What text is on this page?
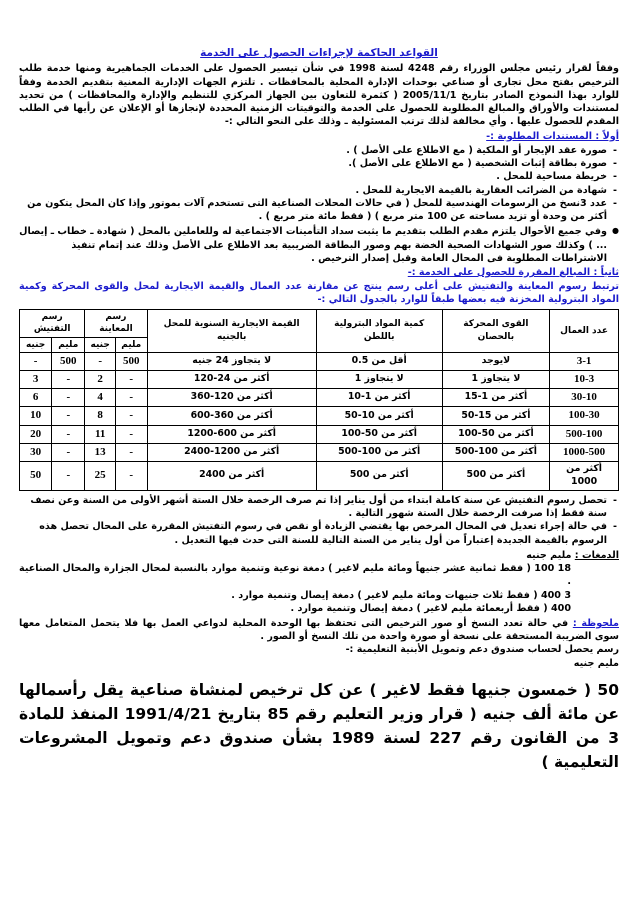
القواعد الحاكمة لإجراءات الحصول على الخدمة

وفقاً لقرار رئيس مجلس الوزراء رقم 4248 لسنة 1998 في شأن تيسير الحصول على الخدمات الجماهيرية ومنها خدمة طلب الترخيص بفتح محل تجارى أو صناعي بوحدات الإدارة المحلية بالمحافظات . تلتزم الجهات الإدارية المعنية بتقديم الخدمة وفقاً للوارد بهذا النموذج الصادر بتاريخ 2005/11/1 ( كثمرة للتعاون بين الجهاز المركزي للتنظيم والإدارة والمحافظات ) من تحديد لمستندات والأوراق والمبالغ المطلوبة للحصول على الخدمة والتوقيتات الزمنية المحددة لإنجازها أو الإعلان عن رأيها في الطلب المقدم للحصول عليها . وأي مخالفة لذلك ترتب المسئولية ـ وذلك على النحو التالي :-

أولاً : المستندات المطلوبة :-
- صورة عقد الإيجار أو الملكية ( مع الاطلاع على الأصل ) .
- صورة بطاقة إثبات الشخصية ( مع الاطلاع على الأصل ).
- خريطة مساحية للمحل .
- شهادة من الضرائب العقارية بالقيمة الايجارية للمحل .
- عدد 3نسخ من الرسومات الهندسية للمحل ( في حالات المحلات الصناعية التى تستخدم آلات بموتور وإذا كان المحل يتكون من أكثر من وحدة أو تزيد مساحته عن 100 متر مربع ) ( فقط مائة متر مربع ) .
● وفي جميع الأحوال يلتزم مقدم الطلب بتقديم ما يثبت سداد التأمينات الاجتماعية له وللعاملين بالمحل ( شهادة ـ خطاب ـ إيصال ... ) وكذلك صور الشهادات الصحية الخضة بهم وصور البطاقة الضريبية بعد الاطلاع على الأصل وذلك عند إتمام تنفيذ الاشتراطات المطلوبة فى المحال العامة وقبل إصدار الترخيص .
ثانياً : المبالغ المقررة للحصول على الخدمة :-

ترتبط رسوم المعاينة والتفتيش على أعلى رسم ينتج عن مقارنة عدد العمال والقيمة الايجارية لمحل والقوى المحركة وكمية المواد البترولية المخزنة فيه بعضها طبقاً للوارد بالجدول التالي :-

عدد العمال	القوى المحركة بالحصان	كمية المواد البترولية باللطن	القيمة الايجارية السنوية للمحل بالجنيه	رسم المعاينة		رسم التفتيش	
				مليم	جنيه	مليم	جنيه
3-1	لايوجد	أقل من 0.5	لا يتجاوز 24 جنيه	500	-	500	-
10-3	لا يتجاوز 1	لا يتجاوز 1	أكثر من 24-120	-	2	-	3
30-10	أكثر من 1-15	أكثر من 1-10	أكثر من 120-360	-	4	-	6
100-30	أكثر من 15-50	أكثر من 10-50	أكثر من 360-600	-	8	-	10
500-100	أكثر من 50-100	أكثر من 50-100	أكثر من 600-1200	-	11	-	20
1000-500	أكثر من 100-500	أكثر من 100-500	أكثر من 1200-2400	-	13	-	30
أكثر من 1000	أكثر من 500	أكثر من 500	أكثر من 2400	-	25	-	50
- تحصل رسوم التفتيش عن سنة كاملة ابتداء من أول يناير إذا تم صرف الرخصة خلال الستة أشهر الأولى من السنة وعن نصف سنة فقط إذا صرفت الرخصة خلال الستة شهور التالية .
- في حالة إجراء تعديل في المحال المرخص بها يقتضي الزيادة أو نقص في رسوم التفتيش المقررة على المحال تحصل هذه الرسوم بالقيمة الجديدة إعتباراً من أول يناير من السنة التالية للسنة التى حدث فيها التعديل .

الدمغات : مليم جنيه

18 100 ( فقط ثمانية عشر جنيهاً ومائة مليم لاغير ) دمغة نوعية وتنمية موارد بالنسبة لمحال الجزارة والمحال الصناعية .

3 400 ( فقط ثلاث جنيهات ومائة مليم لاغير ) دمغة إيصال وتنمية موارد .

400 ( فقط أربعمائة مليم لاغير ) دمغة إيصال وتنمية موارد .

ملحوظة : في حالة تعدد النسخ أو صور الترخيص التى تحتفظ بها الوحدة المحلية لدواعي العمل بها فلا يتحمل المتعامل معها سوى الضريبة المستحقة على نسخة أو صورة واحدة من تلك النسخ أو الصور .

رسم يحصل لحساب صندوق دعم وتمويل الأبنية التعليمية :-

مليم جنيه

50 ( خمسون جنيها فقط لاغير ) عن كل ترخيص لمنشاة صناعية يقل رأسمالها عن مائة ألف جنيه ( قرار وزير التعليم رقم 85 بتاريخ 1991/4/21 المنفذ للمادة 3 من القانون رقم 227 لسنة 1989 بشأن صندوق دعم وتمويل المشروعات التعليمية )
